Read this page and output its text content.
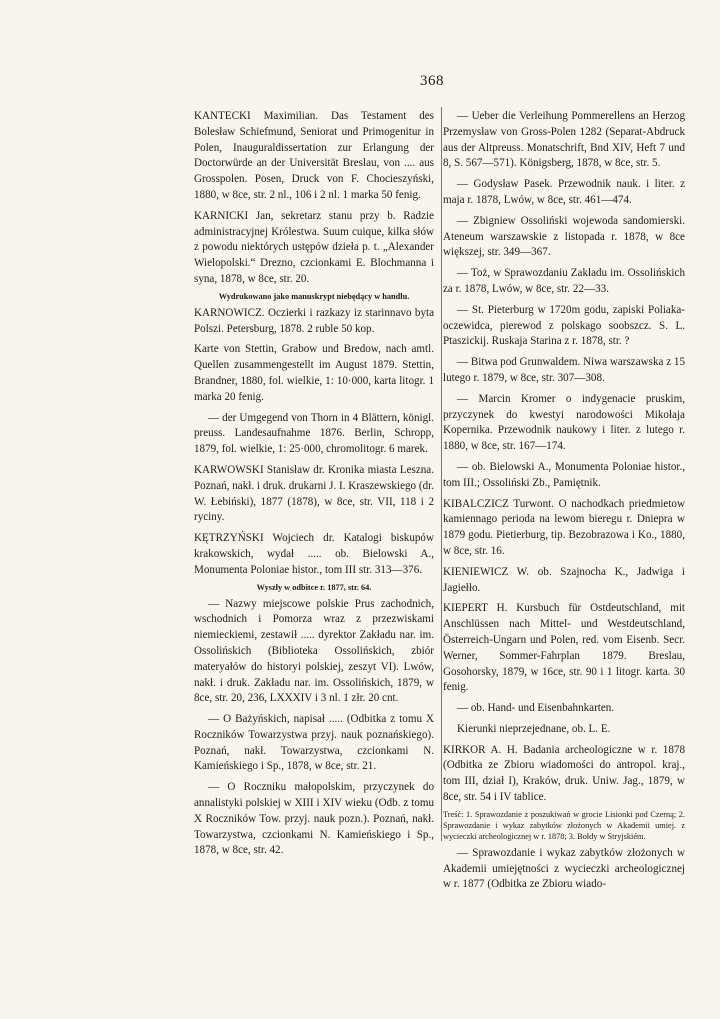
368

KANTECKI Maximilian. Das Testament des Bolesław Schiefmund, Seniorat und Primogenitur in Polen, Inauguraldissertation zur Erlangung der Doctorwürde an der Universität Breslau, von .... aus Grosspolen. Posen, Druck von F. Chocieszyński, 1880, w 8ce, str. 2 nl., 106 i 2 nl. 1 marka 50 fenig.

KARNICKI Jan, sekretarz stanu przy b. Radzie administracyjnej Królestwa. Suum cuique, kilka słów z powodu niektórych ustępów dzieła p. t. „Alexander Wielopolski.“ Drezno, czcionkami E. Blochmanna i syna, 1878, w 8ce, str. 20.

Wydrukowano jako manuskrypt niebędący w handlu.

KARNOWICZ. Oczierki i razkazy iz starinnavo byta Polszi. Petersburg, 1878. 2 ruble 50 kop.

Karte von Stettin, Grabow und Bredow, nach amtl. Quellen zusammengestellt im August 1879. Stettin, Brandner, 1880, fol. wielkie, 1: 10·000, karta litogr. 1 marka 20 fenig.

— der Umgegend von Thorn in 4 Blättern, königl. preuss. Landesaufnahme 1876. Berlin, Schropp, 1879, fol. wielkie, 1: 25·000, chromolitogr. 6 marek.

KARWOWSKI Stanisław dr. Kronika miasta Leszna. Poznań, nakł. i druk. drukarni J. I. Kraszewskiego (dr. W. Łebiński), 1877 (1878), w 8ce, str. VII, 118 i 2 ryciny.

KĘTRZYŃSKI Wojciech dr. Katalogi biskupów krakowskich, wydał ..... ob. Bielowski A., Monumenta Poloniae histor., tom III str. 313—376.

Wyszły w odbitce r. 1877, str. 64.

— Nazwy miejscowe polskie Prus zachodnich, wschodnich i Pomorza wraz z przezwiskami niemieckiemi, zestawił ..... dyrektor Zakładu nar. im. Ossolińskich (Biblioteka Ossolińskich, zbiór materyałów do historyi polskiej, zeszyt VI). Lwów, nakł. i druk. Zakładu nar. im. Ossolińskich, 1879, w 8ce, str. 20, 236, LXXXIV i 3 nl. 1 złr. 20 cnt.

— O Bażyńskich, napisał ..... (Odbitka z tomu X Roczników Towarzystwa przyj. nauk poznańskiego). Poznań, nakł. Towarzystwa, czcionkami N. Kamieńskiego i Sp., 1878, w 8ce, str. 21.

— O Roczniku małopolskim, przyczynek do annalistyki polskiej w XIII i XIV wieku (Odb. z tomu X Roczników Tow. przyj. nauk pozn.). Poznań, nakł. Towarzystwa, czcionkami N. Kamieńskiego i Sp., 1878, w 8ce, str. 42.

— Ueber die Verleihung Pommerellens an Herzog Przemysław von Gross-Polen 1282 (Separat-Abdruck aus der Altpreuss. Monatschrift, Bnd XIV, Heft 7 und 8, S. 567—571). Königsberg, 1878, w 8ce, str. 5.

— Godysław Pasek. Przewodnik nauk. i liter. z maja r. 1878, Lwów, w 8ce, str. 461—474.

— Zbigniew Ossoliński wojewoda sandomierski. Ateneum warszawskie z listopada r. 1878, w 8ce większej, str. 349—367.

— Toż, w Sprawozdaniu Zakładu im. Ossolińskich za r. 1878, Lwów, w 8ce, str. 22—33.

— St. Pieterburg w 1720m godu, zapiski Poliaka-oczewidca, pierewod z polskago soobszcz. S. L. Ptaszickij. Ruskaja Starina z r. 1878, str. ?

— Bitwa pod Grunwaldem. Niwa warszawska z 15 lutego r. 1879, w 8ce, str. 307—308.

— Marcin Kromer o indygenacie pruskim, przyczynek do kwestyi narodowości Mikołaja Kopernika. Przewodnik naukowy i liter. z lutego r. 1880, w 8ce, str. 167—174.

— ob. Bielowski A., Monumenta Poloniae histor., tom III.; Ossoliński Zb., Pamiętnik.

KIBALCZICZ Turwont. O nachodkach priedmietow kamiennago perioda na lewom bieregu r. Dniepra w 1879 godu. Pietierburg, tip. Bezobrazowa i Ko., 1880, w 8ce, str. 16.

KIENIEWICZ W. ob. Szajnocha K., Jadwiga i Jagiełło.

KIEPERT H. Kursbuch für Ostdeutschland, mit Anschlüssen nach Mittel- und Westdeutschland, Österreich-Ungarn und Polen, red. vom Eisenb. Secr. Werner, Sommer-Fahrplan 1879. Breslau, Gosohorsky, 1879, w 16ce, str. 90 i 1 litogr. karta. 30 fenig.

— ob. Hand- und Eisenbahnkarten.

Kierunki nieprzejednane, ob. L. E.

KIRKOR A. H. Badania archeologiczne w r. 1878 (Odbitka ze Zbioru wiadomości do antropol. kraj., tom III, dział I), Kraków, druk. Uniw. Jag., 1879, w 8ce, str. 54 i IV tablice.

Treść: 1. Sprawozdanie z poszukiwań w grocie Lisionki pod Czerną; 2. Sprawozdanie i wykaz zabytków złożonych w Akademii umiej. z wycieczki archeologicznej w r. 1878; 3. Bołdy w Stryjskiém.

— Sprawozdanie i wykaz zabytków złożonych w Akademii umiejętności z wycieczki archeologicznej w r. 1877 (Odbitka ze Zbioru wiado-
